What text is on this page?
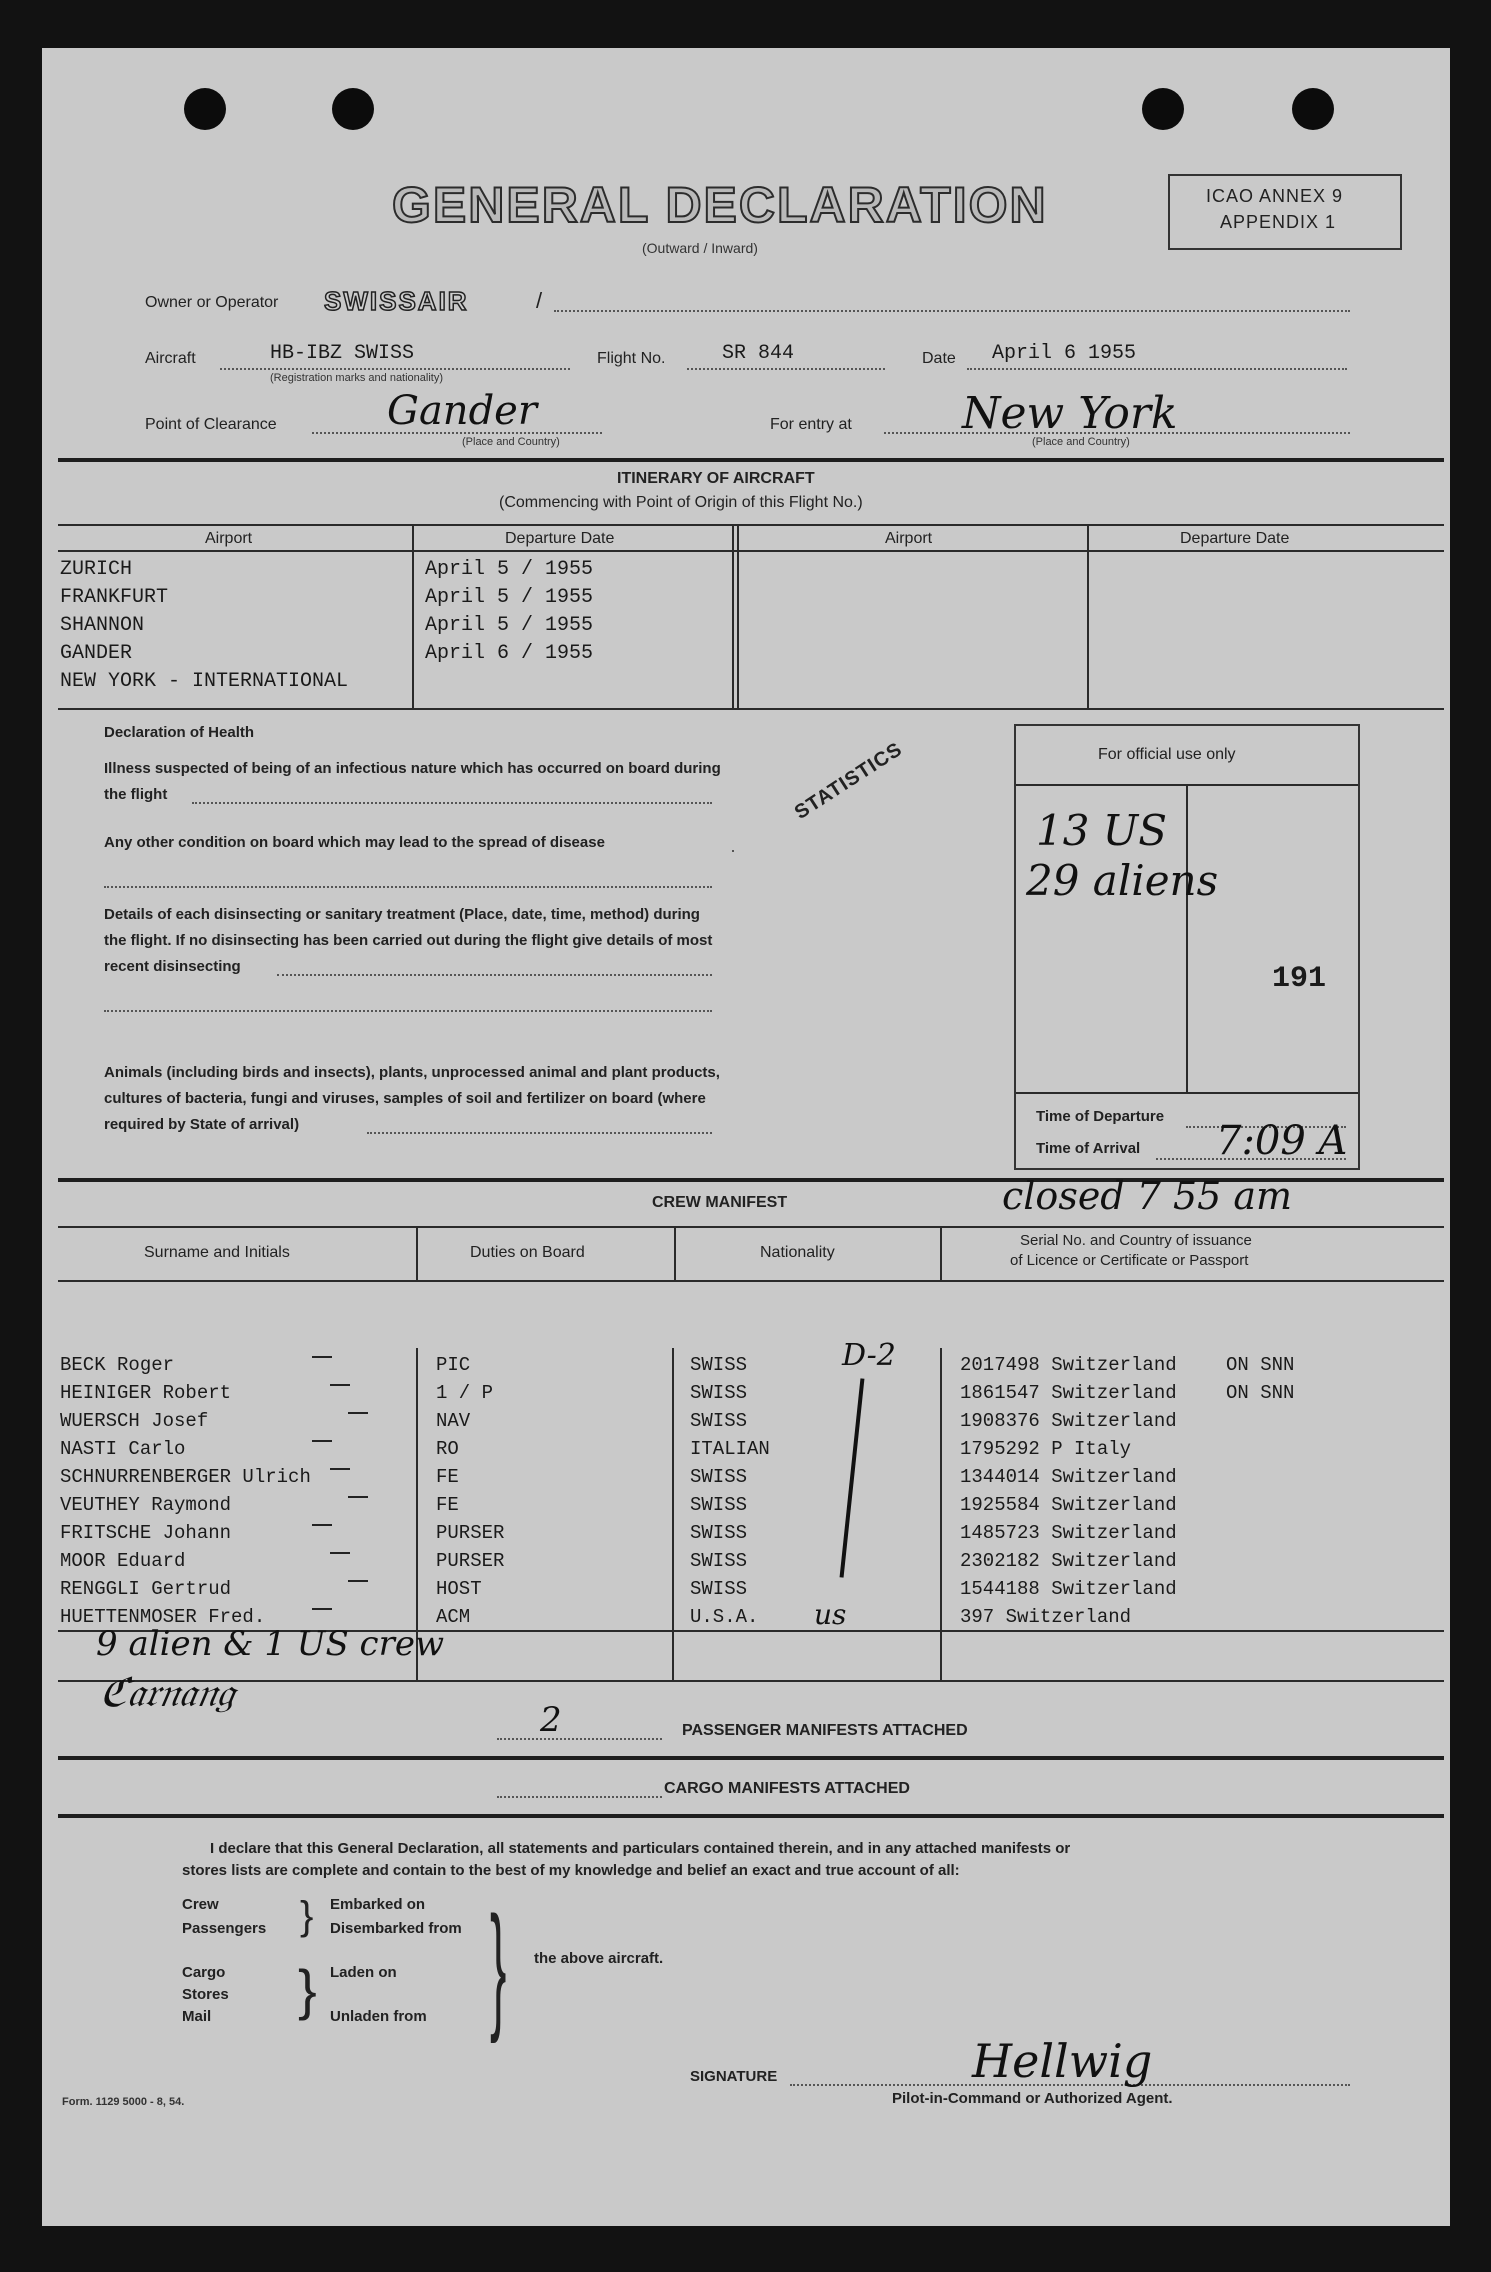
GENERAL DECLARATION
(Outward / Inward)
ICAO ANNEX 9
APPENDIX 1
Owner or Operator SWISSAIR	/
Aircraft	HB-IBZ SWISS
(Registration marks and nationality)
Flight No.	SR 844	Date April 6 1955
Point of Clearance	Gander
(Place and Country)
For entry at	New York
(Place and Country)
ITINERARY OF AIRCRAFT
(Commencing with Point of Origin of this Flight No.)
Airport	Departure Date	Airport	Departure Date
ZURICH	April 5 / 1955
FRANKFURT	April 5 / 1955
SHANNON	April 5 / 1955
GANDER	April 6 / 1955
NEW YORK - INTERNATIONAL
Declaration of Health
Illness suspected of being of an infectious nature which has occurred on board during
the flight	STATISTICS
Any other condition on board which may lead to the spread of disease
Details of each disinsecting or sanitary treatment (Place, date, time, method) during
the flight. If no disinsecting has been carried out during the flight give details of most
recent disinsecting
Animals (including birds and insects), plants, unprocessed animal and plant products,
cultures of bacteria, fungi and viruses, samples of soil and fertilizer on board (where
required by State of arrival)
For official use only
13 US
29 aliens
191
Time of Departure
Time of Arrival 7:09 A
CREW MANIFEST	closed 7 55 am
Surname and Initials	Duties on Board	Nationality
Serial No. and Country of issuance
of Licence or Certificate or Passport
D-2
BECK Roger	PIC	SWISS	2017498 Switzerland	ON SNN
HEINIGER Robert	1 / P	SWISS	1861547 Switzerland	ON SNN
WUERSCH Josef	NAV	SWISS	1908376 Switzerland
NASTI Carlo	RO	ITALIAN	1795292 P Italy
SCHNURRENBERGER Ulrich	FE	SWISS	1344014 Switzerland
VEUTHEY Raymond	FE	SWISS	1925584 Switzerland
FRITSCHE Johann	PURSER	SWISS	1485723 Switzerland
MOOR Eduard	PURSER	SWISS	2302182 Switzerland
RENGGLI Gertrud	HOST	SWISS	1544188 Switzerland
HUETTENMOSER Fred.	ACM	U.S.A.	397 Switzerland
us
9 alien & 1 US crew
ℭ𝔞𝔯𝔫𝔞𝔫𝔤
2	PASSENGER MANIFESTS ATTACHED
CARGO MANIFESTS ATTACHED
I declare that this General Declaration, all statements and particulars contained therein, and in any attached manifests or
stores lists are complete and contain to the best of my knowledge and belief an exact and true account of all:
Crew
Passengers
Cargo
Stores
Mail
}
}
Embarked on
Disembarked from
Laden on
Unladen from } the above aircraft.
SIGNATURE	Hellwig
Pilot-in-Command or Authorized Agent.
Form. 1129 5000 - 8, 54.
